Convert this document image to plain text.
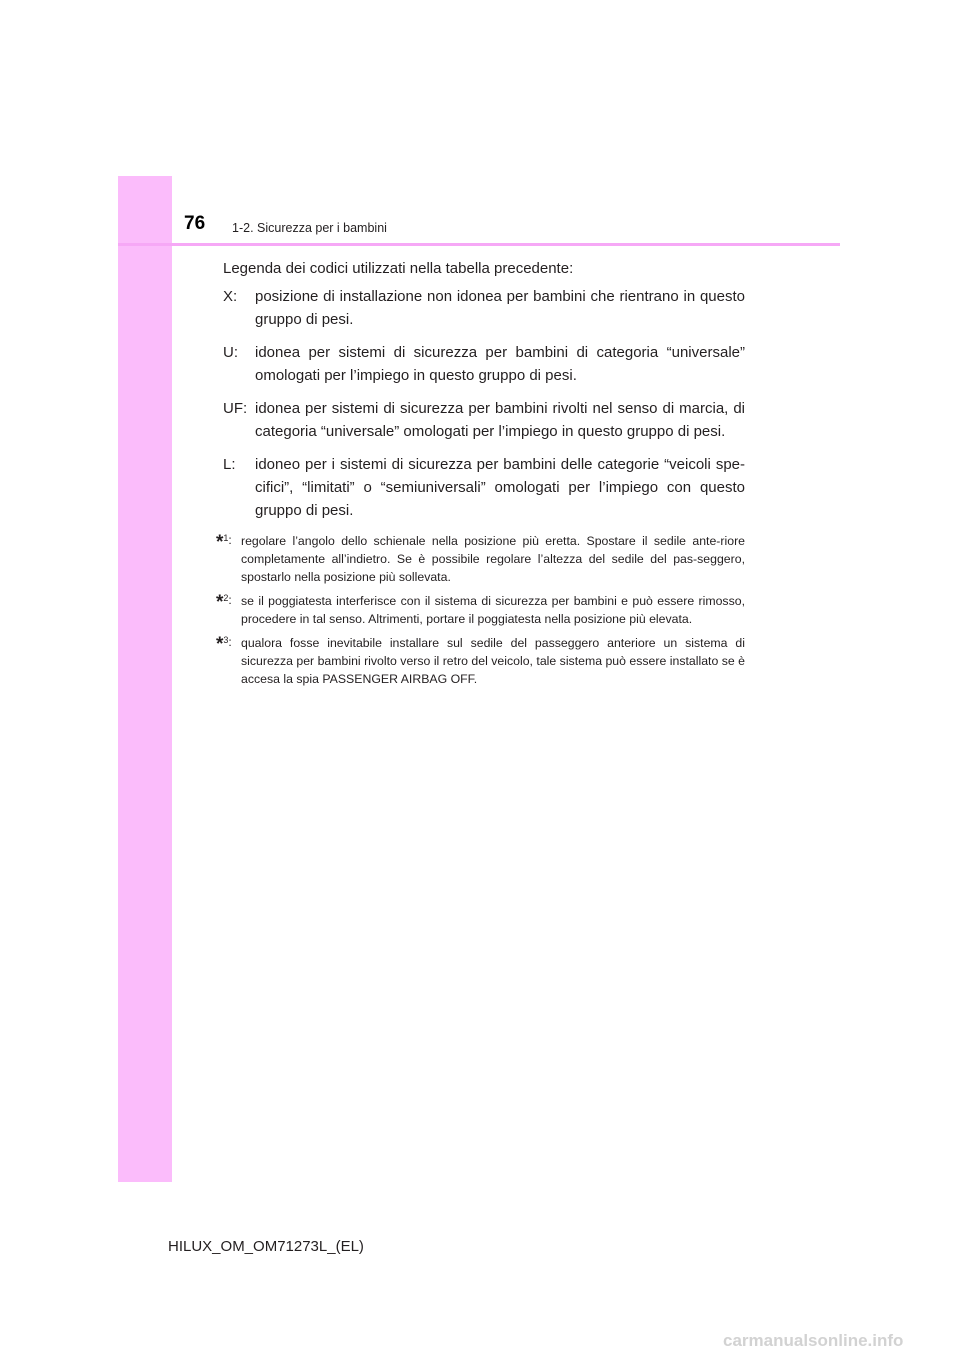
76 1-2. Sicurezza per i bambini

Legenda dei codici utilizzati nella tabella precedente:

X:	posizione di installazione non idonea per bambini che rientrano in questo gruppo di pesi.
U:	idonea per sistemi di sicurezza per bambini di categoria “universale” omologati per l’impiego in questo gruppo di pesi.
UF: idonea per sistemi di sicurezza per bambini rivolti nel senso di marcia, di categoria “universale” omologati per l’impiego in questo gruppo di pesi.
L:	idoneo per i sistemi di sicurezza per bambini delle categorie “veicoli spe-cifici”, “limitati” o “semiuniversali” omologati per l’impiego con questo gruppo di pesi.
*$^1$: regolare l’angolo dello schienale nella posizione più eretta. Spostare il sedile ante-riore completamente all’indietro. Se è possibile regolare l’altezza del sedile del pas-seggero, spostarlo nella posizione più sollevata.
*$^2$: se il poggiatesta interferisce con il sistema di sicurezza per bambini e può essere rimosso, procedere in tal senso. Altrimenti, portare il poggiatesta nella posizione più elevata.
*$^3$: qualora fosse inevitabile installare sul sedile del passeggero anteriore un sistema di sicurezza per bambini rivolto verso il retro del veicolo, tale sistema può essere installato se è accesa la spia PASSENGER AIRBAG OFF.
HILUX_OM_OM71273L_(EL)
carmanualsonline.info
